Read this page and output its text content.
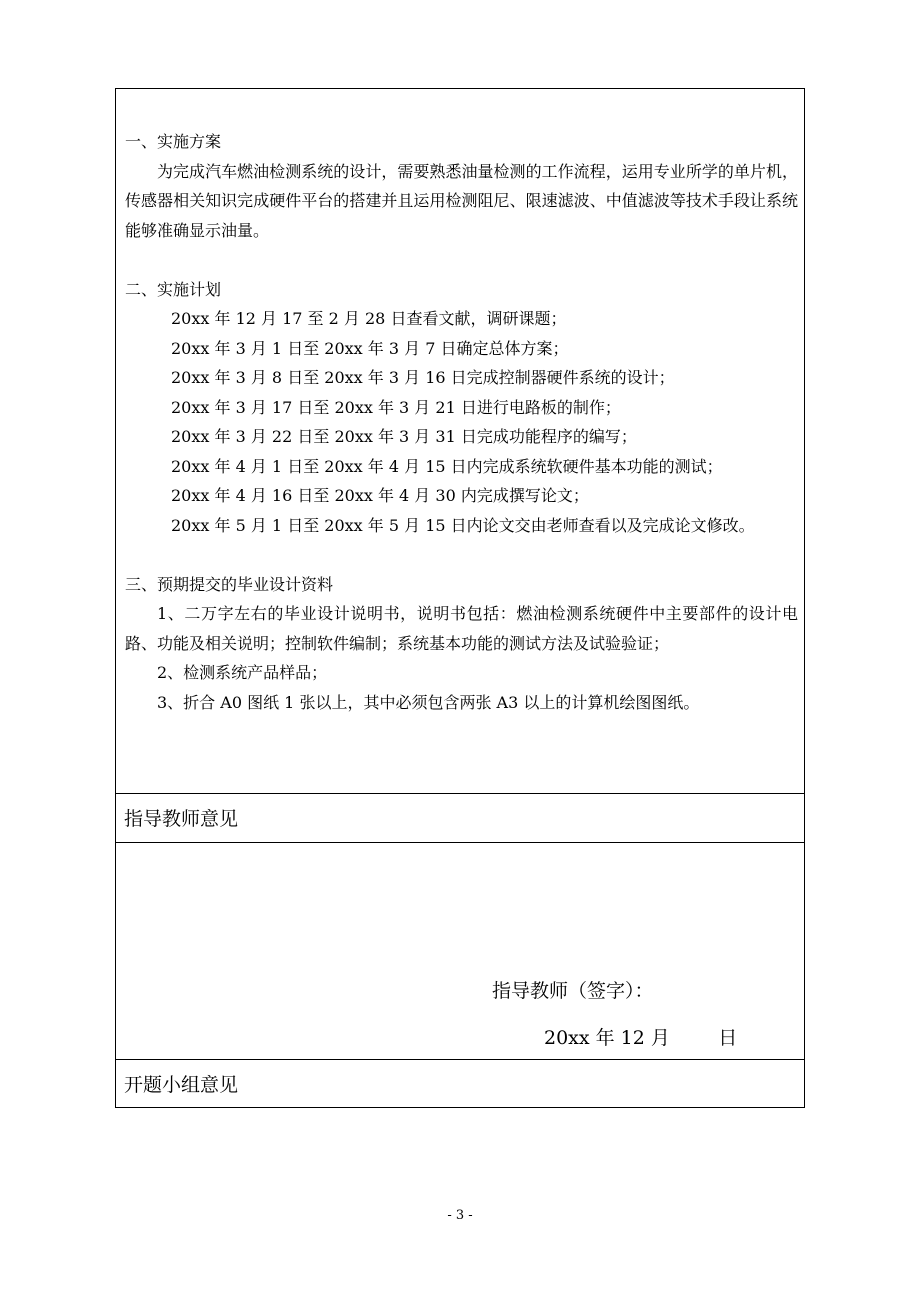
一、实施方案

为完成汽车燃油检测系统的设计，需要熟悉油量检测的工作流程，运用专业所学的单片机，传感器相关知识完成硬件平台的搭建并且运用检测阻尼、限速滤波、中值滤波等技术手段让系统能够准确显示油量。

二、实施计划

20xx 年 12 月 17 至 2 月 28 日查看文献，调研课题；

20xx 年 3 月 1 日至 20xx 年 3 月 7 日确定总体方案；

20xx 年 3 月 8 日至 20xx 年 3 月 16 日完成控制器硬件系统的设计；

20xx 年 3 月 17 日至 20xx 年 3 月 21 日进行电路板的制作；

20xx 年 3 月 22 日至 20xx 年 3 月 31 日完成功能程序的编写；

20xx 年 4 月 1 日至 20xx 年 4 月 15 日内完成系统软硬件基本功能的测试；

20xx 年 4 月 16 日至 20xx 年 4 月 30 内完成撰写论文；

20xx 年 5 月 1 日至 20xx 年 5 月 15 日内论文交由老师查看以及完成论文修改。

三、预期提交的毕业设计资料

1、二万字左右的毕业设计说明书，说明书包括：燃油检测系统硬件中主要部件的设计电路、功能及相关说明；控制软件编制；系统基本功能的测试方法及试验验证；

2、检测系统产品样品；

3、折合 A0 图纸 1 张以上，其中必须包含两张 A3 以上的计算机绘图图纸。

指导教师意见
指导教师（签字）：
20xx 年 12 月        日
开题小组意见
- 3 -
